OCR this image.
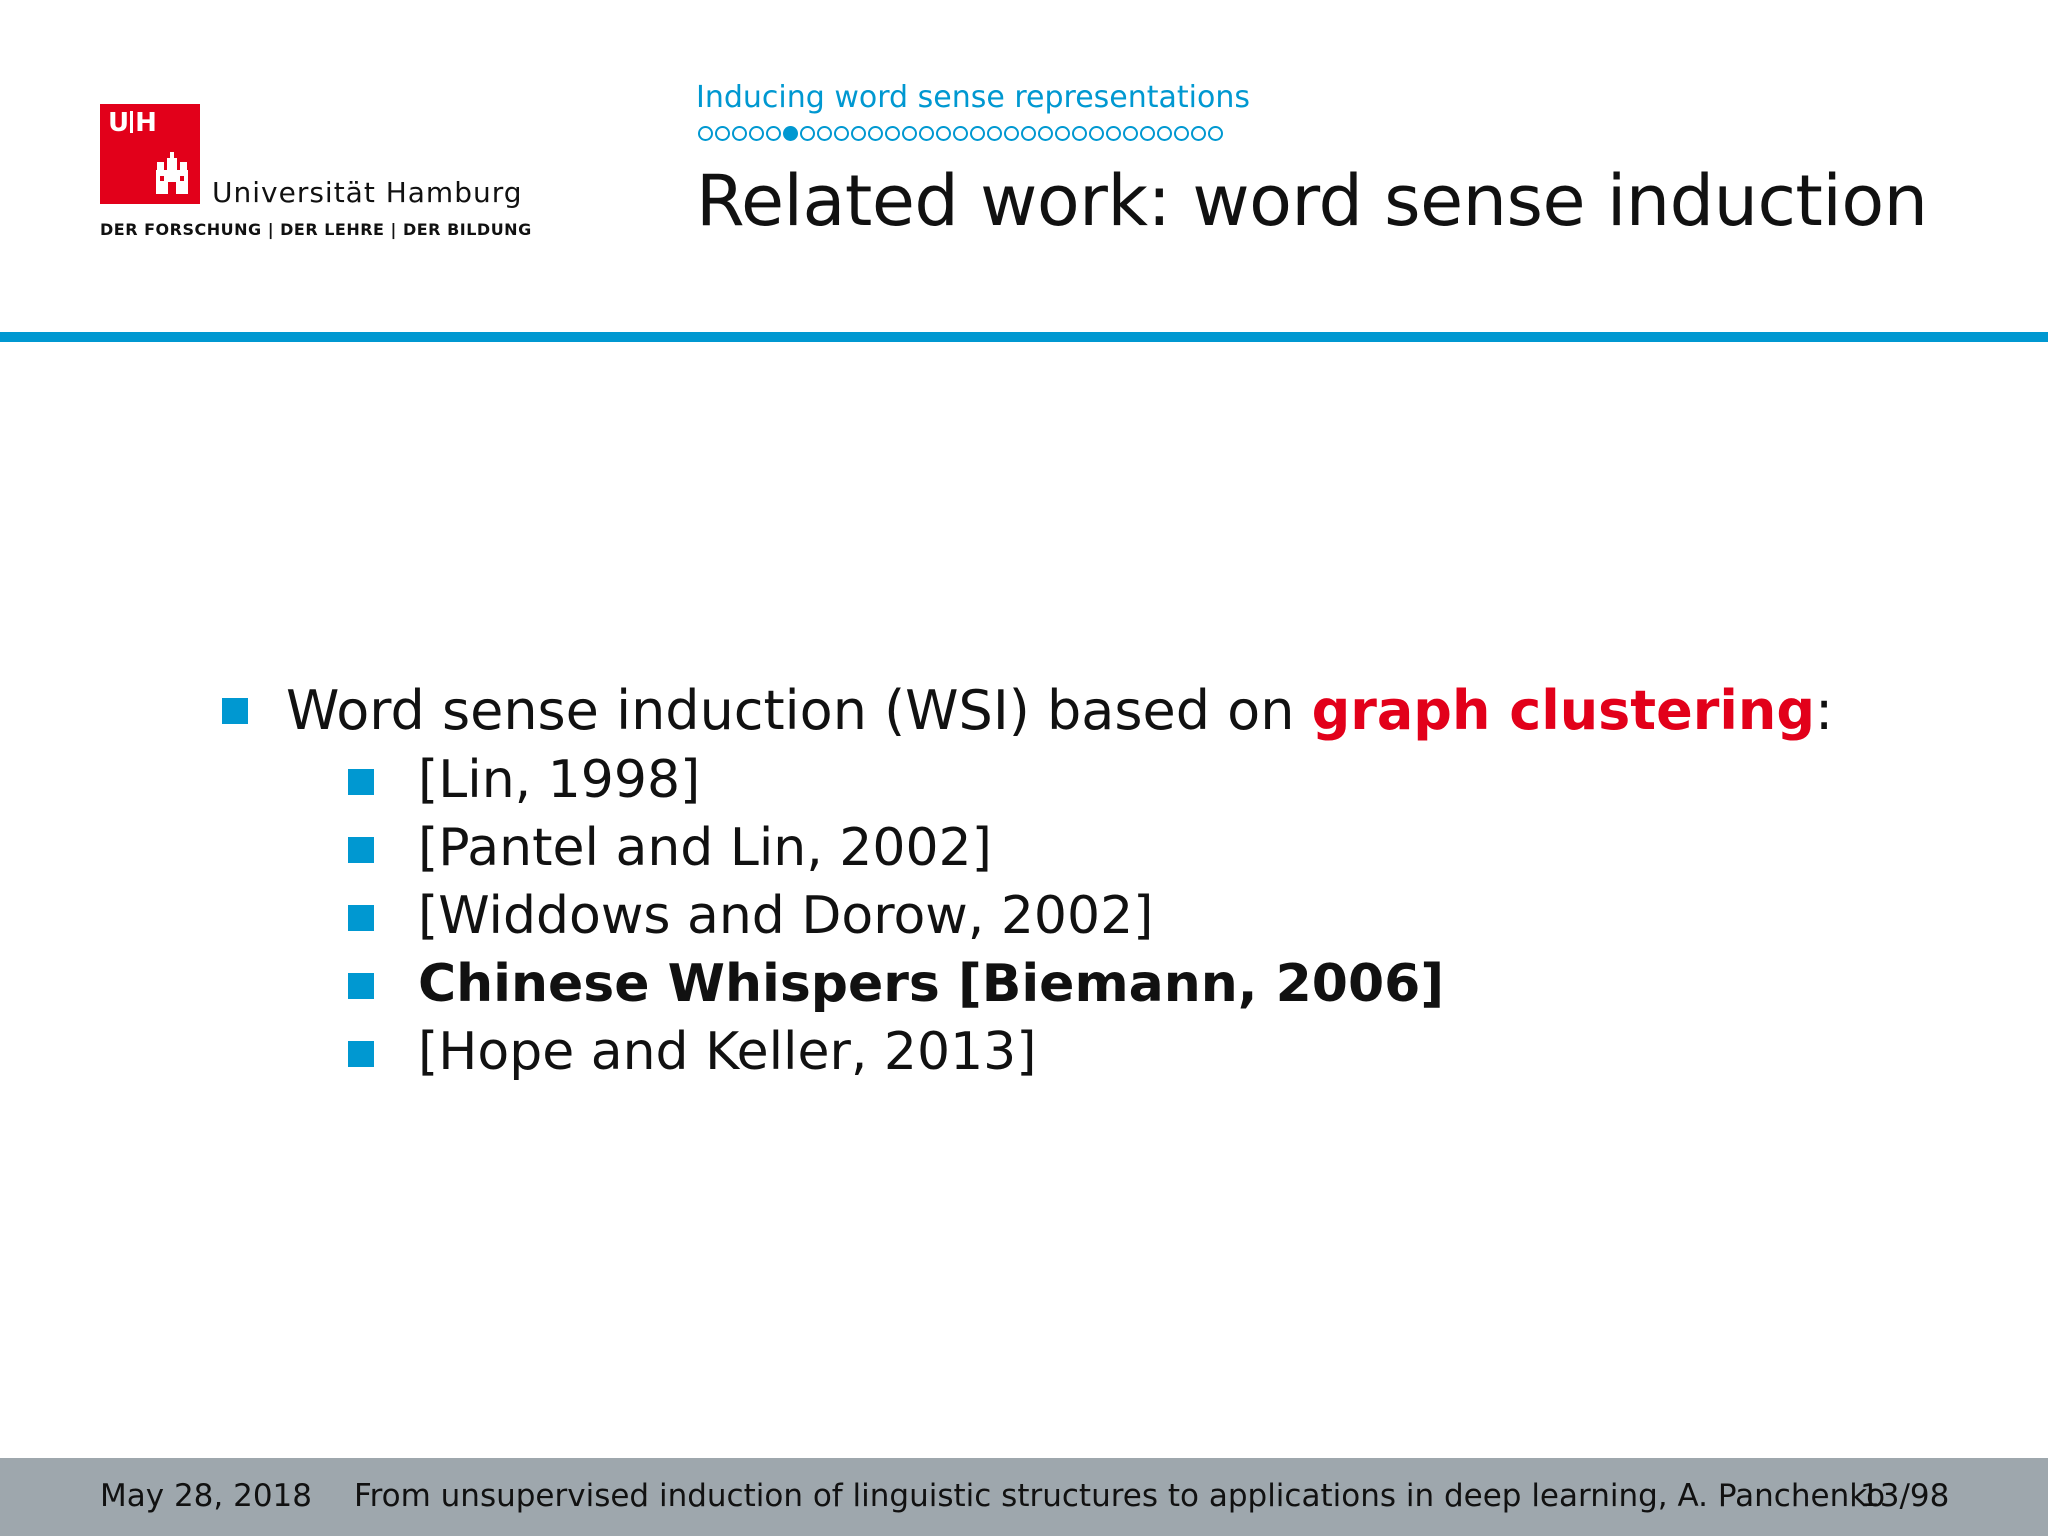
U H
Universität Hamburg
DER FORSCHUNG | DER LEHRE | DER BILDUNG
Inducing word sense representations
Related work: word sense induction
Word sense induction (WSI) based on graph clustering:
[Lin, 1998]
[Pantel and Lin, 2002]
[Widdows and Dorow, 2002]
Chinese Whispers [Biemann, 2006]
[Hope and Keller, 2013]
May 28, 2018 From unsupervised induction of linguistic structures to applications in deep learning, A. Panchenko
13/98
